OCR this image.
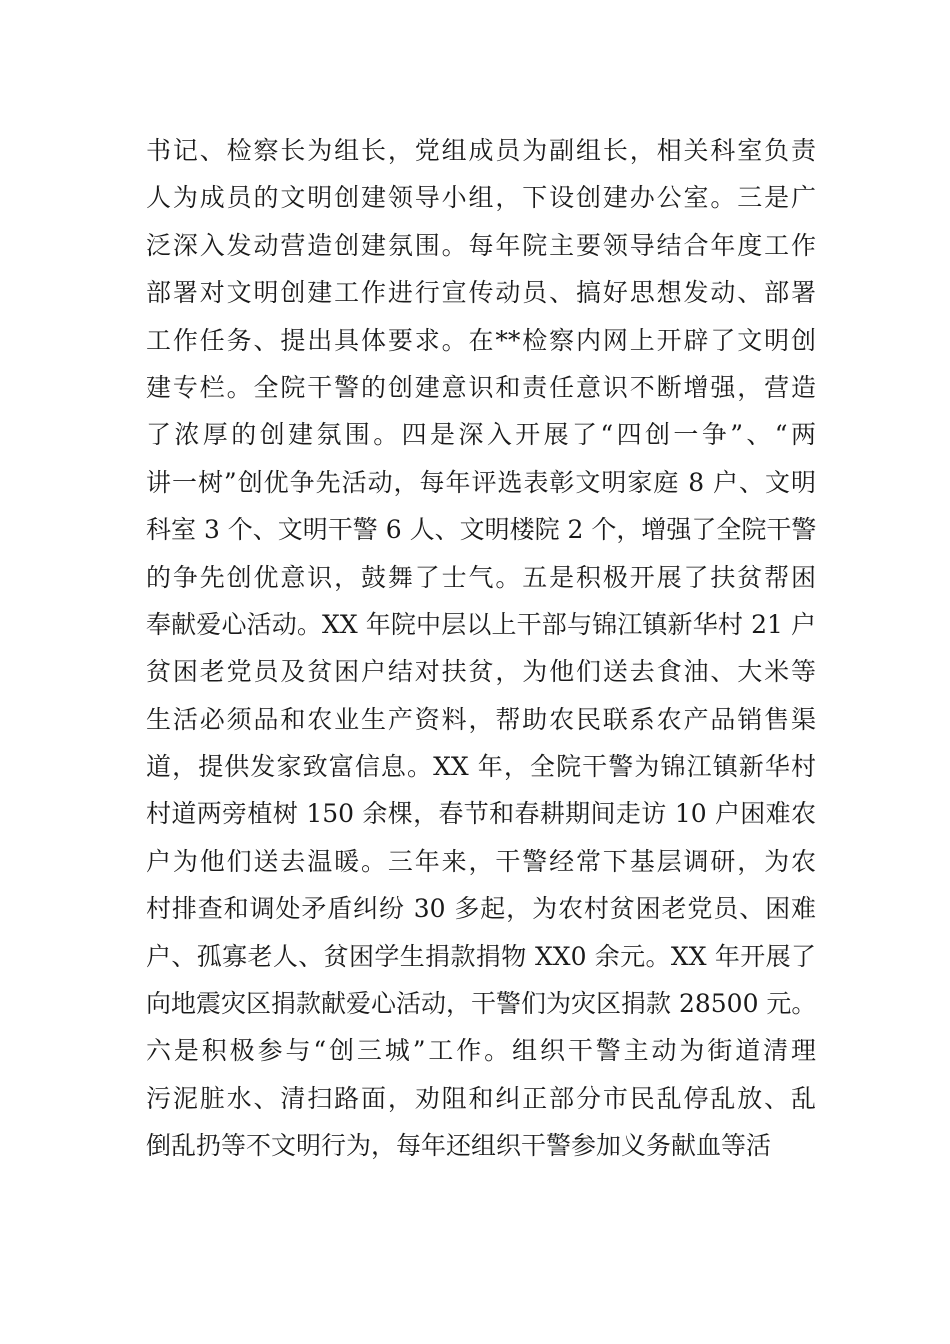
书记、检察长为组长，党组成员为副组长，相关科室负责
人为成员的文明创建领导小组，下设创建办公室。三是广
泛深入发动营造创建氛围。每年院主要领导结合年度工作
部署对文明创建工作进行宣传动员、搞好思想发动、部署
工作任务、提出具体要求。在**检察内网上开辟了文明创
建专栏。全院干警的创建意识和责任意识不断增强，营造
了浓厚的创建氛围。四是深入开展了“四创一争”、“两
讲一树”创优争先活动，每年评选表彰文明家庭 8 户、文明
科室 3 个、文明干警 6 人、文明楼院 2 个，增强了全院干警
的争先创优意识，鼓舞了士气。五是积极开展了扶贫帮困
奉献爱心活动。XX 年院中层以上干部与锦江镇新华村 21 户
贫困老党员及贫困户结对扶贫，为他们送去食油、大米等
生活必须品和农业生产资料，帮助农民联系农产品销售渠
道，提供发家致富信息。XX 年，全院干警为锦江镇新华村
村道两旁植树 150 余棵，春节和春耕期间走访 10 户困难农
户为他们送去温暖。三年来，干警经常下基层调研，为农
村排查和调处矛盾纠纷 30 多起，为农村贫困老党员、困难
户、孤寡老人、贫困学生捐款捐物 XX0 余元。XX 年开展了
向地震灾区捐款献爱心活动，干警们为灾区捐款 28500 元。
六是积极参与“创三城”工作。组织干警主动为街道清理
污泥脏水、清扫路面，劝阻和纠正部分市民乱停乱放、乱
倒乱扔等不文明行为，每年还组织干警参加义务献血等活
